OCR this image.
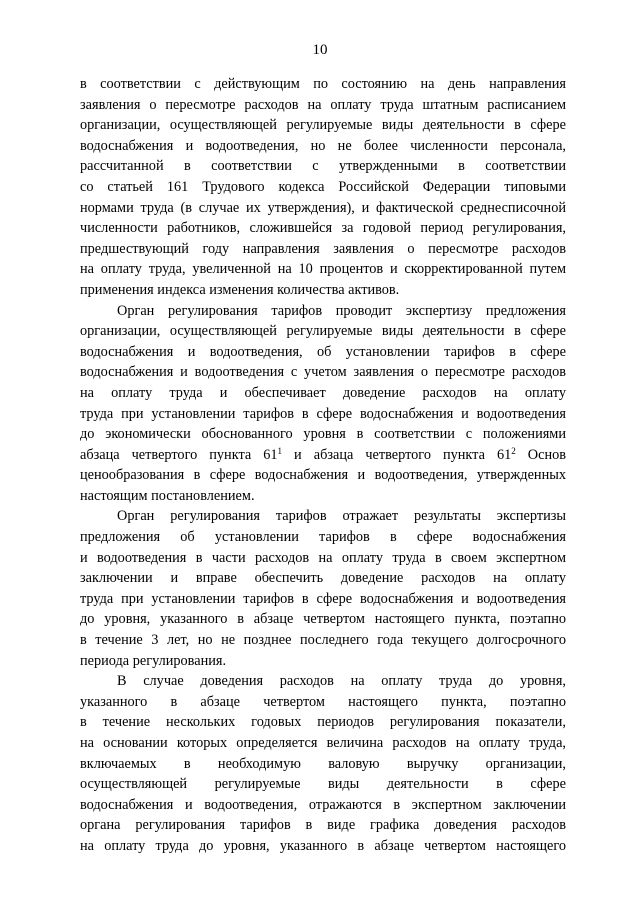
10
в соответствии с действующим по состоянию на день направления
заявления о пересмотре расходов на оплату труда штатным расписанием
организации, осуществляющей регулируемые виды деятельности в сфере
водоснабжения и водоотведения, но не более численности персонала,
рассчитанной в соответствии с утвержденными в соответствии
со статьей 161 Трудового кодекса Российской Федерации типовыми
нормами труда (в случае их утверждения), и фактической среднесписочной
численности работников, сложившейся за годовой период регулирования,
предшествующий году направления заявления о пересмотре расходов
на оплату труда, увеличенной на 10 процентов и скорректированной путем
применения индекса изменения количества активов.
Орган регулирования тарифов проводит экспертизу предложения
организации, осуществляющей регулируемые виды деятельности в сфере
водоснабжения и водоотведения, об установлении тарифов в сфере
водоснабжения и водоотведения с учетом заявления о пересмотре расходов
на оплату труда и обеспечивает доведение расходов на оплату
труда при установлении тарифов в сфере водоснабжения и водоотведения
до экономически обоснованного уровня в соответствии с положениями
абзаца четвертого пункта $61^1$ и абзаца четвертого пункта $61^2$ Основ
ценообразования в сфере водоснабжения и водоотведения, утвержденных
настоящим постановлением.
Орган регулирования тарифов отражает результаты экспертизы
предложения об установлении тарифов в сфере водоснабжения
и водоотведения в части расходов на оплату труда в своем экспертном
заключении и вправе обеспечить доведение расходов на оплату
труда при установлении тарифов в сфере водоснабжения и водоотведения
до уровня, указанного в абзаце четвертом настоящего пункта, поэтапно
в течение 3 лет, но не позднее последнего года текущего долгосрочного
периода регулирования.
В случае доведения расходов на оплату труда до уровня,
указанного в абзаце четвертом настоящего пункта, поэтапно
в течение нескольких годовых периодов регулирования показатели,
на основании которых определяется величина расходов на оплату труда,
включаемых в необходимую валовую выручку организации,
осуществляющей регулируемые виды деятельности в сфере
водоснабжения и водоотведения, отражаются в экспертном заключении
органа регулирования тарифов в виде графика доведения расходов
на оплату труда до уровня, указанного в абзаце четвертом настоящего
